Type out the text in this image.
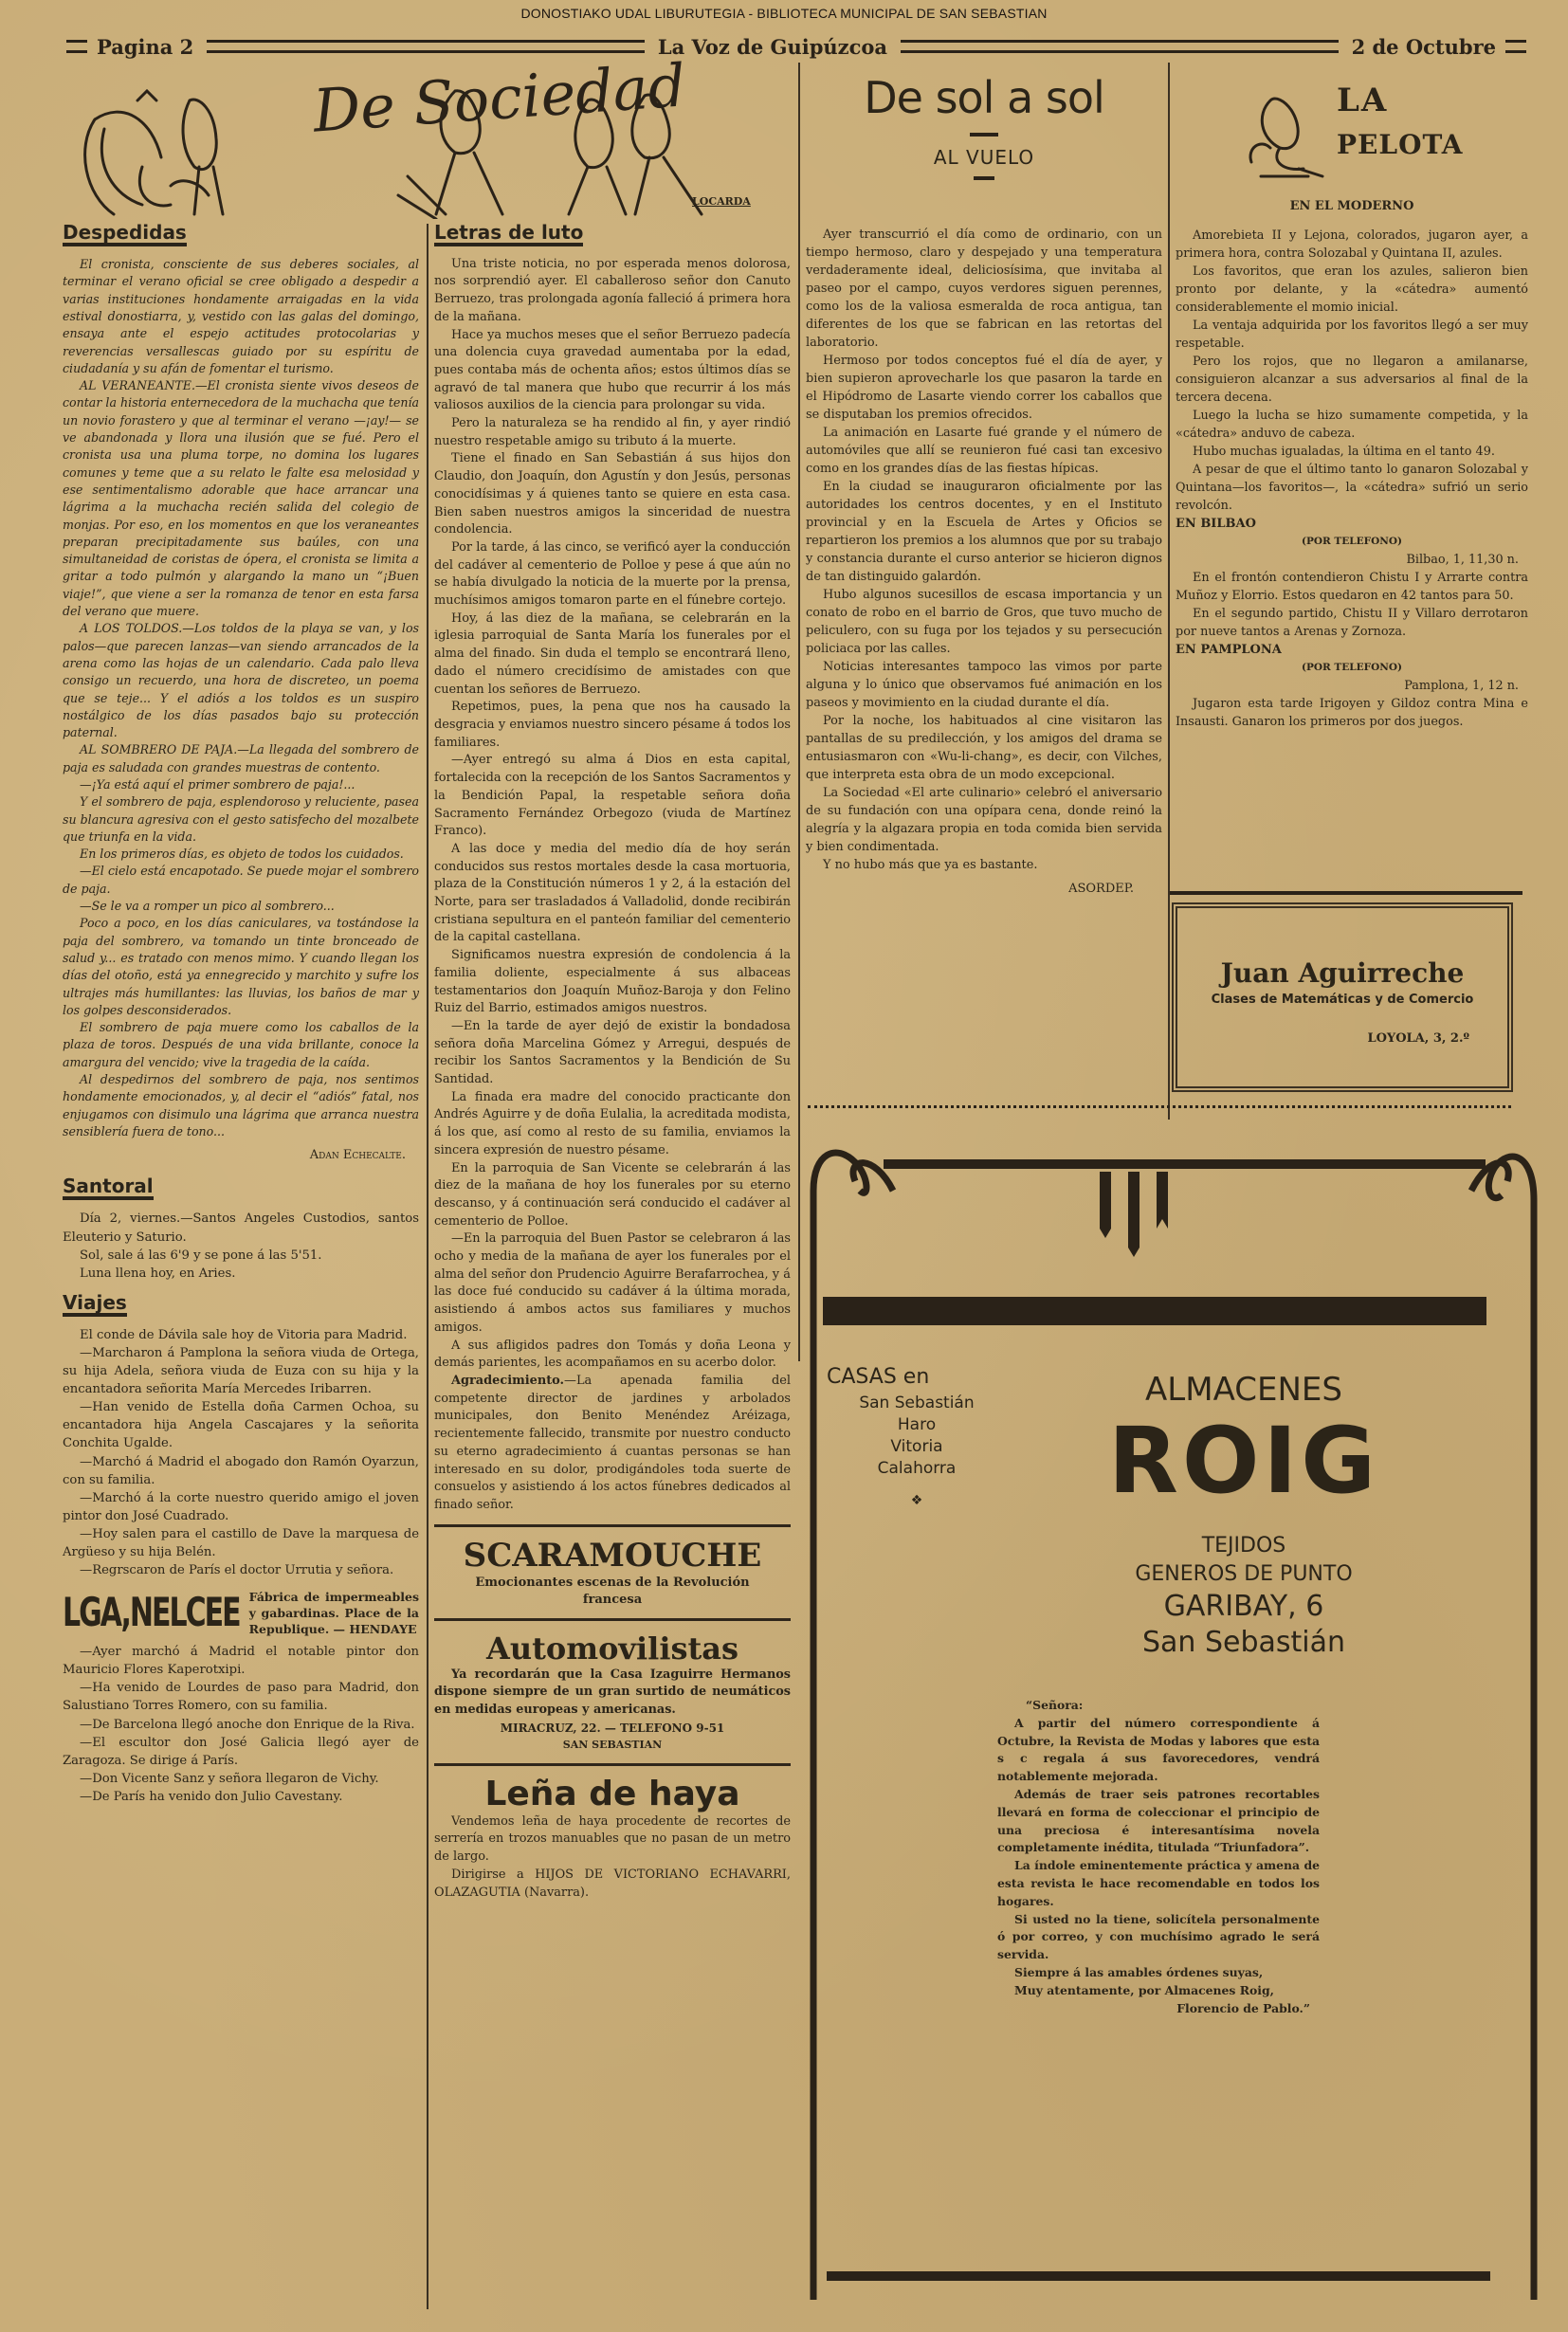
DONOSTIAKO UDAL LIBURUTEGIA - BIBLIOTECA MUNICIPAL DE SAN SEBASTIAN
Pagina 2	La Voz de Guipúzcoa	2 de Octubre
De Sociedad
LOCARDA
Despedidas

El cronista, consciente de sus deberes sociales, al terminar el verano oficial se cree obligado a despedir a varias instituciones hondamente arraigadas en la vida estival donostiarra, y, vestido con las galas del domingo, ensaya ante el espejo actitudes protocolarias y reverencias versallescas guiado por su espíritu de ciudadanía y su afán de fomentar el turismo.

AL VERANEANTE.—El cronista siente vivos deseos de contar la historia enternecedora de la muchacha que tenía un novio forastero y que al terminar el verano —¡ay!— se ve abandonada y llora una ilusión que se fué. Pero el cronista usa una pluma torpe, no domina los lugares comunes y teme que a su relato le falte esa melosidad y ese sentimentalismo adorable que hace arrancar una lágrima a la muchacha recién salida del colegio de monjas. Por eso, en los momentos en que los veraneantes preparan precipitadamente sus baúles, con una simultaneidad de coristas de ópera, el cronista se limita a gritar a todo pulmón y alargando la mano un “¡Buen viaje!”, que viene a ser la romanza de tenor en esta farsa del verano que muere.

A LOS TOLDOS.—Los toldos de la playa se van, y los palos—que parecen lanzas—van siendo arrancados de la arena como las hojas de un calendario. Cada palo lleva consigo un recuerdo, una hora de discreteo, un poema que se teje... Y el adiós a los toldos es un suspiro nostálgico de los días pasados bajo su protección paternal.

AL SOMBRERO DE PAJA.—La llegada del sombrero de paja es saludada con grandes muestras de contento.

—¡Ya está aquí el primer sombrero de paja!...

Y el sombrero de paja, esplendoroso y reluciente, pasea su blancura agresiva con el gesto satisfecho del mozalbete que triunfa en la vida.

En los primeros días, es objeto de todos los cuidados.

—El cielo está encapotado. Se puede mojar el sombrero de paja.

—Se le va a romper un pico al sombrero...

Poco a poco, en los días caniculares, va tostándose la paja del sombrero, va tomando un tinte bronceado de salud y... es tratado con menos mimo. Y cuando llegan los días del otoño, está ya ennegrecido y marchito y sufre los ultrajes más humillantes: las lluvias, los baños de mar y los golpes desconsiderados.

El sombrero de paja muere como los caballos de la plaza de toros. Después de una vida brillante, conoce la amargura del vencido; vive la tragedia de la caída.

Al despedirnos del sombrero de paja, nos sentimos hondamente emocionados, y, al decir el “adiós” fatal, nos enjugamos con disimulo una lágrima que arranca nuestra sensiblería fuera de tono...

Adan Echecalte.
Santoral

Día 2, viernes.—Santos Angeles Custodios, santos Eleuterio y Saturio.

Sol, sale á las 6'9 y se pone á las 5'51.

Luna llena hoy, en Aries.

Viajes

El conde de Dávila sale hoy de Vitoria para Madrid.

—Marcharon á Pamplona la señora viuda de Ortega, su hija Adela, señora viuda de Euza con su hija y la encantadora señorita María Mercedes Iribarren.

—Han venido de Estella doña Carmen Ochoa, su encantadora hija Angela Cascajares y la señorita Conchita Ugalde.

—Marchó á Madrid el abogado don Ramón Oyarzun, con su familia.

—Marchó á la corte nuestro querido amigo el joven pintor don José Cuadrado.

—Hoy salen para el castillo de Dave la marquesa de Argüeso y su hija Belén.

—Regrscaron de París el doctor Urrutia y señora.

LGA,NELCEE Fábrica de impermeables y gabardinas. Place de la Republique. — HENDAYE

—Ayer marchó á Madrid el notable pintor don Mauricio Flores Kaperotxipi.

—Ha venido de Lourdes de paso para Madrid, don Salustiano Torres Romero, con su familia.

—De Barcelona llegó anoche don Enrique de la Riva.

—El escultor don José Galicia llegó ayer de Zaragoza. Se dirige á París.

—Don Vicente Sanz y señora llegaron de Vichy.

—De París ha venido don Julio Cavestany.

Letras de luto

Una triste noticia, no por esperada menos dolorosa, nos sorprendió ayer. El caballeroso señor don Canuto Berruezo, tras prolongada agonía falleció á primera hora de la mañana.

Hace ya muchos meses que el señor Berruezo padecía una dolencia cuya gravedad aumentaba por la edad, pues contaba más de ochenta años; estos últimos días se agravó de tal manera que hubo que recurrir á los más valiosos auxilios de la ciencia para prolongar su vida.

Pero la naturaleza se ha rendido al fin, y ayer rindió nuestro respetable amigo su tributo á la muerte.

Tiene el finado en San Sebastián á sus hijos don Claudio, don Joaquín, don Agustín y don Jesús, personas conocidísimas y á quienes tanto se quiere en esta casa. Bien saben nuestros amigos la sinceridad de nuestra condolencia.

Por la tarde, á las cinco, se verificó ayer la conducción del cadáver al cementerio de Polloe y pese á que aún no se había divulgado la noticia de la muerte por la prensa, muchísimos amigos tomaron parte en el fúnebre cortejo.

Hoy, á las diez de la mañana, se celebrarán en la iglesia parroquial de Santa María los funerales por el alma del finado. Sin duda el templo se encontrará lleno, dado el número crecidísimo de amistades con que cuentan los señores de Berruezo.

Repetimos, pues, la pena que nos ha causado la desgracia y enviamos nuestro sincero pésame á todos los familiares.

—Ayer entregó su alma á Dios en esta capital, fortalecida con la recepción de los Santos Sacramentos y la Bendición Papal, la respetable señora doña Sacramento Fernández Orbegozo (viuda de Martínez Franco).

A las doce y media del medio día de hoy serán conducidos sus restos mortales desde la casa mortuoria, plaza de la Constitución números 1 y 2, á la estación del Norte, para ser trasladados á Valladolid, donde recibirán cristiana sepultura en el panteón familiar del cementerio de la capital castellana.

Significamos nuestra expresión de condolencia á la familia doliente, especialmente á sus albaceas testamentarios don Joaquín Muñoz-Baroja y don Felino Ruiz del Barrio, estimados amigos nuestros.

—En la tarde de ayer dejó de existir la bondadosa señora doña Marcelina Gómez y Arregui, después de recibir los Santos Sacramentos y la Bendición de Su Santidad.

La finada era madre del conocido practicante don Andrés Aguirre y de doña Eulalia, la acreditada modista, á los que, así como al resto de su familia, enviamos la sincera expresión de nuestro pésame.

En la parroquia de San Vicente se celebrarán á las diez de la mañana de hoy los funerales por su eterno descanso, y á continuación será conducido el cadáver al cementerio de Polloe.

—En la parroquia del Buen Pastor se celebraron á las ocho y media de la mañana de ayer los funerales por el alma del señor don Prudencio Aguirre Berafarrochea, y á las doce fué conducido su cadáver á la última morada, asistiendo á ambos actos sus familiares y muchos amigos.

A sus afligidos padres don Tomás y doña Leona y demás parientes, les acompañamos en su acerbo dolor.

Agradecimiento.—La apenada familia del competente director de jardines y arbolados municipales, don Benito Menéndez Aréizaga, recientemente fallecido, transmite por nuestro conducto su eterno agradecimiento á cuantas personas se han interesado en su dolor, prodigándoles toda suerte de consuelos y asistiendo á los actos fúnebres dedicados al finado señor.

SCARAMOUCHE
Emocionantes escenas de la Revolución francesa
Automovilistas

Ya recordarán que la Casa Izaguirre Hermanos dispone siempre de un gran surtido de neumáticos en medidas europeas y americanas.

MIRACRUZ, 22. — TELEFONO 9-51
SAN SEBASTIAN
Leña de haya

Vendemos leña de haya procedente de recortes de serrería en trozos manuables que no pasan de un metro de largo.

Dirigirse a HIJOS DE VICTORIANO ECHAVARRI, OLAZAGUTIA (Navarra).

De sol a sol
AL VUELO

Ayer transcurrió el día como de ordinario, con un tiempo hermoso, claro y despejado y una temperatura verdaderamente ideal, deliciosísima, que invitaba al paseo por el campo, cuyos verdores siguen perennes, como los de la valiosa esmeralda de roca antigua, tan diferentes de los que se fabrican en las retortas del laboratorio.

Hermoso por todos conceptos fué el día de ayer, y bien supieron aprovecharle los que pasaron la tarde en el Hipódromo de Lasarte viendo correr los caballos que se disputaban los premios ofrecidos.

La animación en Lasarte fué grande y el número de automóviles que allí se reunieron fué casi tan excesivo como en los grandes días de las fiestas hípicas.

En la ciudad se inauguraron oficialmente por las autoridades los centros docentes, y en el Instituto provincial y en la Escuela de Artes y Oficios se repartieron los premios a los alumnos que por su trabajo y constancia durante el curso anterior se hicieron dignos de tan distinguido galardón.

Hubo algunos sucesillos de escasa importancia y un conato de robo en el barrio de Gros, que tuvo mucho de peliculero, con su fuga por los tejados y su persecución policiaca por las calles.

Noticias interesantes tampoco las vimos por parte alguna y lo único que observamos fué animación en los paseos y movimiento en la ciudad durante el día.

Por la noche, los habituados al cine visitaron las pantallas de su predilección, y los amigos del drama se entusiasmaron con «Wu-li-chang», es decir, con Vilches, que interpreta esta obra de un modo excepcional.

La Sociedad «El arte culinario» celebró el aniversario de su fundación con una opípara cena, donde reinó la alegría y la algazara propia en toda comida bien servida y bien condimentada.

Y no hubo más que ya es bastante.

ASORDEP.
LA
PELOTA
EN EL MODERNO

Amorebieta II y Lejona, colorados, jugaron ayer, a primera hora, contra Solozabal y Quintana II, azules.

Los favoritos, que eran los azules, salieron bien pronto por delante, y la «cátedra» aumentó considerablemente el momio inicial.

La ventaja adquirida por los favoritos llegó a ser muy respetable.

Pero los rojos, que no llegaron a amilanarse, consiguieron alcanzar a sus adversarios al final de la tercera decena.

Luego la lucha se hizo sumamente competida, y la «cátedra» anduvo de cabeza.

Hubo muchas igualadas, la última en el tanto 49.

A pesar de que el último tanto lo ganaron Solozabal y Quintana—los favoritos—, la «cátedra» sufrió un serio revolcón.

EN BILBAO
(POR TELEFONO)
Bilbao, 1, 11,30 n.

En el frontón contendieron Chistu I y Arrarte contra Muñoz y Elorrio. Estos quedaron en 42 tantos para 50.

En el segundo partido, Chistu II y Villaro derrotaron por nueve tantos a Arenas y Zornoza.

EN PAMPLONA
(POR TELEFONO)
Pamplona, 1, 12 n.

Jugaron esta tarde Irigoyen y Gildoz contra Mina e Insausti. Ganaron los primeros por dos juegos.

Juan Aguirreche
Clases de Matemáticas y de Comercio
LOYOLA, 3, 2.º
CASAS en
San Sebastián
Haro
Vitoria
Calahorra
❖
ALMACENES
ROIG
TEJIDOS
GENEROS DE PUNTO
GARIBAY, 6
San Sebastián
“Señora:

A partir del número correspondiente á Octubre, la Revista de Modas y labores que esta s c regala á sus favorecedores, vendrá notablemente mejorada.

Además de traer seis patrones recortables llevará en forma de coleccionar el principio de una preciosa é interesantísima novela completamente inédita, titulada “Triunfadora”.

La índole eminentemente práctica y amena de esta revista le hace recomendable en todos los hogares.

Si usted no la tiene, solicítela personalmente ó por correo, y con muchísimo agrado le será servida.

Siempre á las amables órdenes suyas,

Muy atentamente, por Almacenes Roig,

Florencio de Pablo.”
